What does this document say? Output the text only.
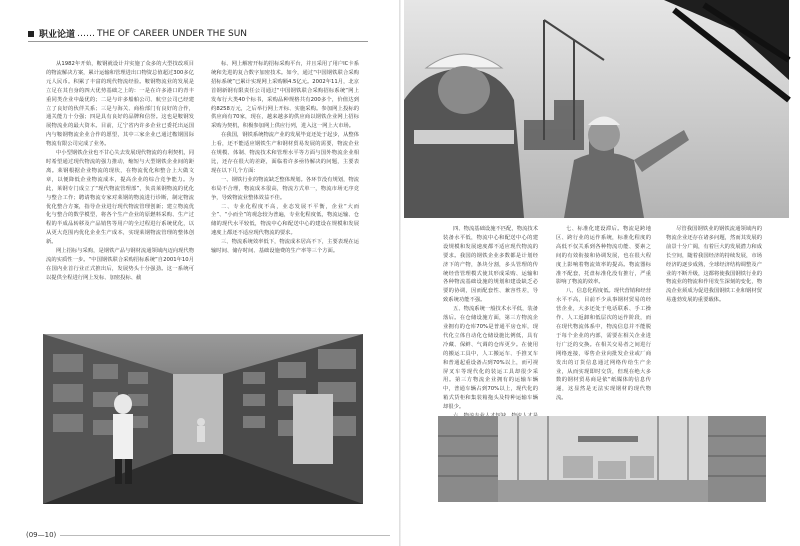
职业论道 …… THE OF CAREER UNDER THE SUN

从1982年开始，鞍钢就设计并实施了众多的大型技改项目的物流解决方案，累计运输和管理进出口物资总值超过300多亿元人民币。积累了丰富的现代物流经验。鞍钢物流业的发展是立足在其自身的四大优势基础之上的：一是在许多港口的青丰重同类企业中最优的；二是与许多船舶公司、航空公司已经建立了良好的伙伴关系；三是与海关、商检部门有良好的合作，通关能力十分强；四是具有良好的品牌和信誉。这也是鞍钢发展物流业的最大资本。目前，辽宁省内许多企业已委托出运国内与鞍钢物流企业合作的愿望，其中三家企业已通过鞍钢国际物流有限公司完成了业务。

中小型钢铁企业也不甘心失去发展现代物流的有利契机，同时希望通过现代物流的强力推动，缩短与大型钢铁企业间的距离。莱钢根据企业物流的现状，在物流优化和整合上大做文章，以便降低企业物流成本，提高企业的综合竞争能力。为此，莱钢专门成立了“现代物流管理部”，负责莱钢物流的优化与整合工作；聘请物流专家对莱钢的物流进行诊断，制定物流优化整合方案，指导企业进行现代物流管理创新；建立物流优化与整合的数学模型，将各个生产企业的原燃料采购、生产过程的半成品转移及产品销售等用户的全过程进行系统优化，以从更大范围内优化企业生产成本，实现莱钢物流管理的整体创新。

网上招标与采购，是钢铁产品与钢材流通领域内迈向现代物流的实质性一步。“中国钢铁联合采购招标系统”自2001年10月在国内业首行业正式推出后，发展势头十分强劲。这一系统可以提供全程进行网上发标、加密投标、截

标、网上解密开标的招标采购平台，并且采用了用户IC卡系统和先进的复合数字加密技术。如今，通过“中国钢铁联合采购招标系统”已累计实现网上采购额4.5亿元。2002年11月，北京首钢新钢有限责任公司通过“中国钢铁联合采购招标系统”网上发布行大类40个标书，采购品种规格共有200多个，价值达到约8258万元，之后举行网上开标、实施采购。参加网上投标的供应商有70家，现在，越来越多的供应商以钢铁企业网上招标采购为契机，积极参加网上供应行列，进入这一网上大市场。

在我国，钢铁系统物流产业的发展毕竟还处于起步，从整体上看，还不能适应钢铁生产和钢材贸易发展的需要，物流企业在规模、体制、物流技术和管理水平等方面与国外物流企业相比，还存在很大的差距，面临着许多亟待解决的问题，主要表现在以下几个方面：

一、钢铁行业的物流缺乏整体规划。各环节没有规划，物流布局不合理，物流成本很高，物流方式单一，物流市场无序竞争，导致物流业整体效益不佳。

二、专业化程度不高，业态发展不平衡，企业“大而全”、“小而全”的观念较为普遍，专业化程度低，物流运输、仓储的现代水平较低，物流中心和配送中心的建设在规模和发展速度上都还不适应现代物流的要求。

三、物流系统效率低下，物流成本居高不下，主要表现在运输时间、储存时间、基础设施费的生产率等三个方面。

四、物流基础设施不匹配，物流技术装备水平低，物流中心和配送中心的建设规模和发展速度都不适应现代物流的要求。我国的钢铁企业多数都是计划经济下的产物，条块分割，多头管理的传统经营管理模式使其形成采购、运输和各种物流基础设施的规划和建设缺乏必要的协调，因而配套性、兼容性差，导致系统功能不强。

五、物流系统一般技术水平低，装备落后。在仓储设施方面，第三方物流企业拥有的仓库70%是普通平房仓库，现代化立体自动化仓储设施比例低，具有冷藏、保鲜、气调的仓库更少。在使用的搬运工具中，人工搬运车、手推叉车和普通起重设备占到70%以上，而可视屏叉车等现代化的装运工具却很少采用。第三方物流企业拥有的运输车辆中，普通车辆占到70%以上，现代化的箱式货柜和集装箱拖头及特种运输车辆却很少。

七、标准化建设滞后。物流是跨地区、跨行业的运作系统，标准化程度的高低不仅关系到各种物流功能、要素之间的有效衔接和协调发展，也在很大程度上影响着物流效率的提高。物流器标准不配套，托盘标准化没有推行，严重影响了物流的效率。

八、信息化程度低。现代营销和经营水平不高，目前不少从事钢材贸易的经营企业，大多还处于电话联系、手工操作、人工返卸和低层次的运作阶段，而在现代物流体系中，物流信息并不能脱于每个企业的内部，需要在相关企业进行广泛的交换。在相关交易者之间进行网络连接，零售企业向批发企业或厂商发出的订货信息通过网络传给生产企业，从而实现即时交货，但现在绝大多数的钢材贸易商是依“纸媒体的信息传递，这显然是无法实现钢材的现代物流。

尽管我国钢铁业的钢铁流通领域内的物流企业还存在诸多问题，然而其发展的前景十分广阔，有着巨大的发展潜力和成长空间，随着我国经济的持续发展，市场经济的逐步成熟，全球经济结构调整及产业的不断升级，这都将使我国钢铁行业的物流业的物流和作用发生深刻的变化，物流企业须成为促进我国钢铁工业和钢材贸易蓬勃发展的重要载体。

(09—10)
